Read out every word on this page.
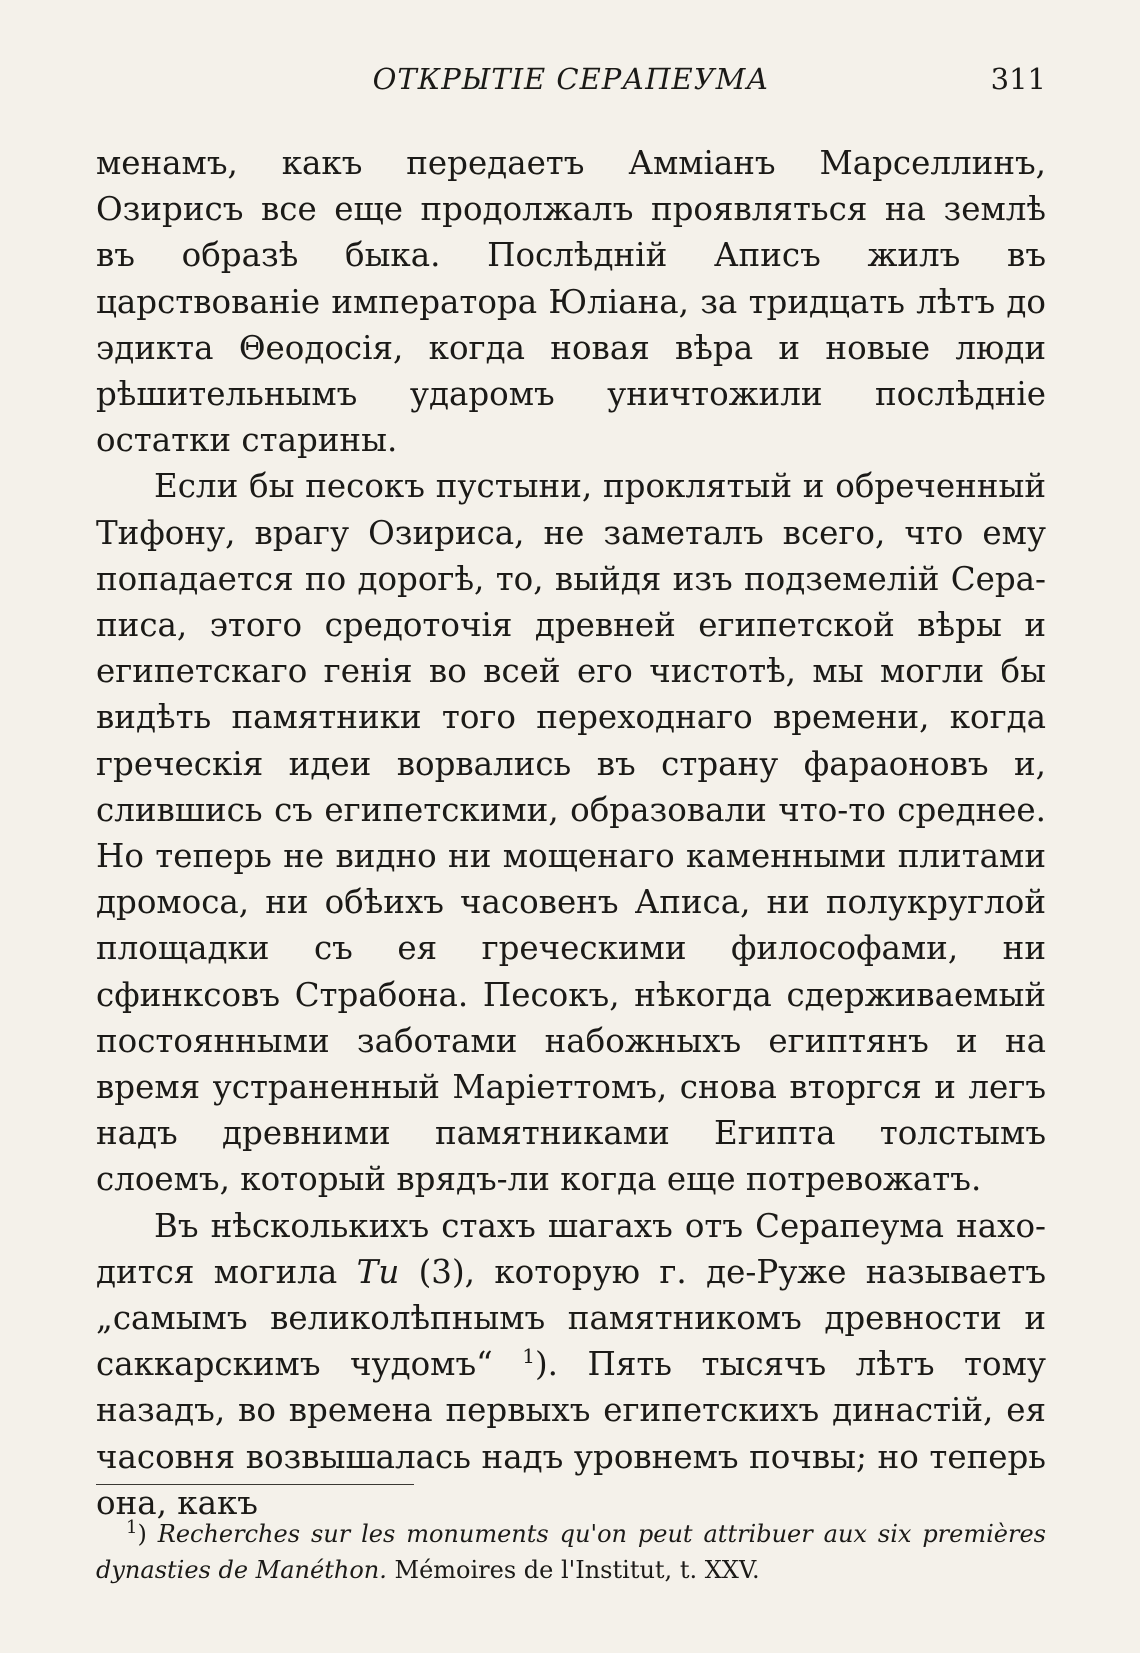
ОТКРЫТІЕ СЕРАПЕУМА	311

менамъ, какъ передаетъ Амміанъ Марселлинъ, Озирисъ все еще продолжалъ проявляться на землѣ въ образѣ быка. Послѣдній Аписъ жилъ въ царствованіе императора Юліана, за тридцать лѣтъ до эдикта Θеодосія, когда новая вѣра и новые люди рѣшительнымъ ударомъ уничтожили послѣдніе остатки старины.

Если бы песокъ пустыни, проклятый и обреченный Тифону, врагу Озириса, не заметалъ всего, что ему попадается по дорогѣ, то, выйдя изъ подземелій Сераписа, этого средоточія древней египетской вѣры и египетскаго генія во всей его чистотѣ, мы могли бы видѣть памятники того переходнаго времени, когда греческія идеи ворвались въ страну фараоновъ и, слившись съ египетскими, образовали что-то среднее. Но теперь не видно ни мощенаго каменными плитами дромоса, ни обѣихъ часовенъ Аписа, ни полукруглой площадки съ ея греческими философами, ни сфинксовъ Страбона. Песокъ, нѣкогда сдерживаемый постоянными заботами набожныхъ египтянъ и на время устраненный Маріеттомъ, снова вторгся и легъ надъ древними памятниками Египта толстымъ слоемъ, который врядъ-ли когда еще потревожатъ.

Въ нѣсколькихъ стахъ шагахъ отъ Серапеума находится могила Ти (3), которую г. де-Руже называетъ „самымъ великолѣпнымъ памятникомъ древности и саккарскимъ чудомъ“ $^1$). Пять тысячъ лѣтъ тому назадъ, во времена первыхъ египетскихъ династій, ея часовня возвышалась надъ уровнемъ почвы; но теперь она, какъ

$^1$) Recherches sur les monuments qu'on peut attribuer aux six premières dynasties de Manéthon. Mémoires de l'Institut, t. XXV.
